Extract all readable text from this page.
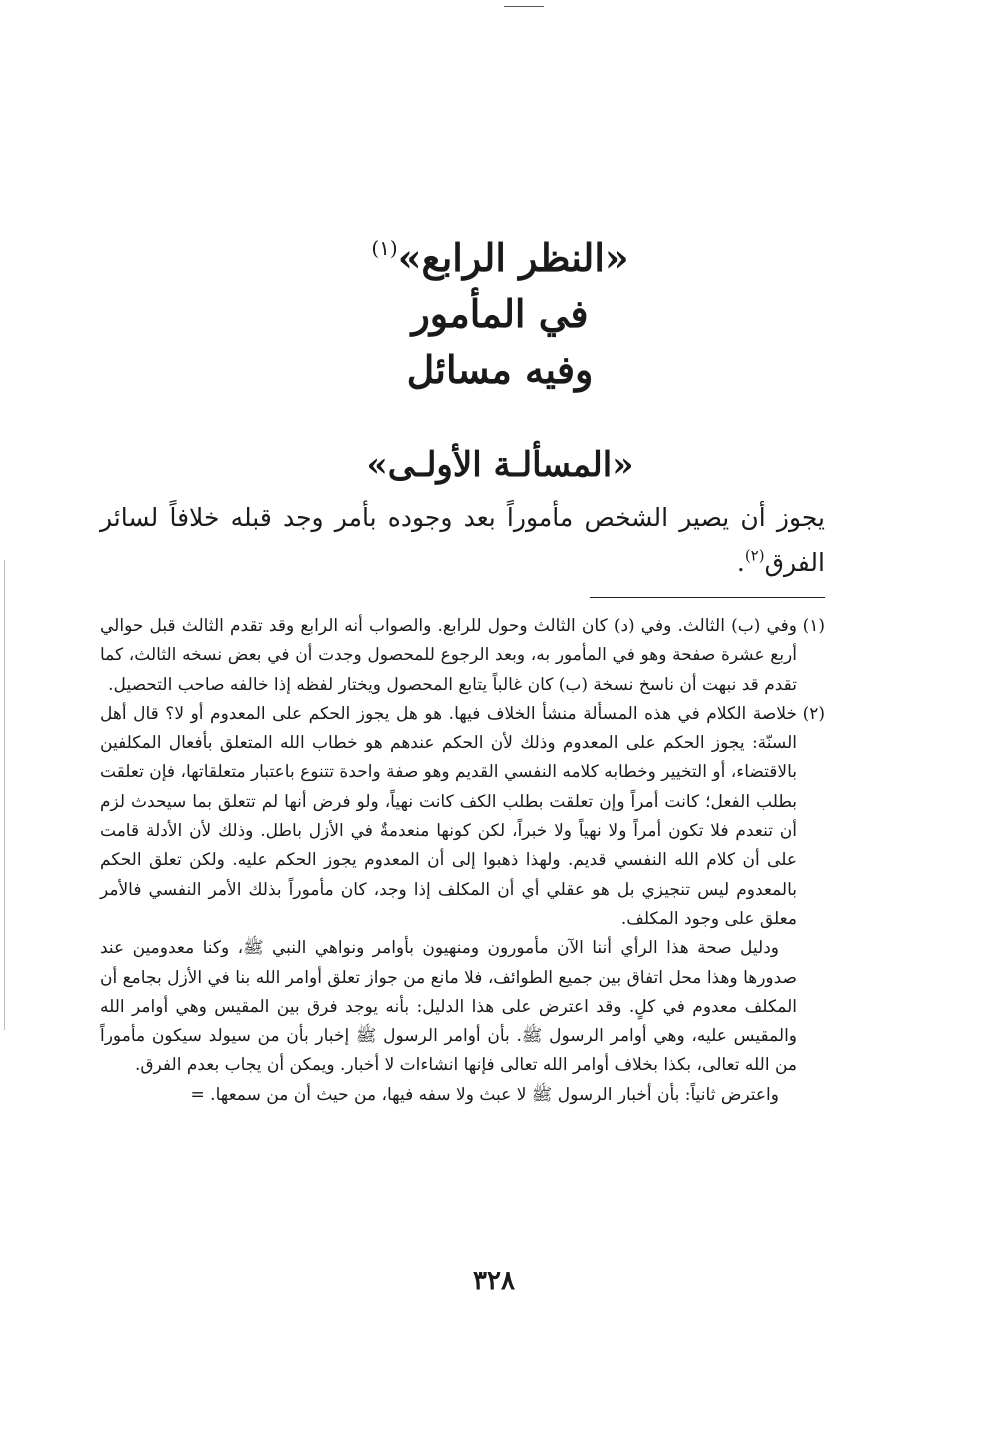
«النظر الرابع»$^{(١)}$
في المأمور
وفيه مسائل
«المسألـة الأولـى»
يجوز أن يصير الشخص مأموراً بعد وجوده بأمر وجد قبله خلافاً لسائر الفرق$^{(٢)}$.
(١)
وفي (ب) الثالث. وفي (د) كان الثالث وحول للرابع. والصواب أنه الرابع وقد تقدم الثالث قبل حوالي أربع عشرة صفحة وهو في المأمور به، وبعد الرجوع للمحصول وجدت أن في بعض نسخه الثالث، كما تقدم قد نبهت أن ناسخ نسخة (ب) كان غالباً يتابع المحصول ويختار لفظه إذا خالفه صاحب التحصيل.
(٢)
خلاصة الكلام في هذه المسألة منشأ الخلاف فيها. هو هل يجوز الحكم على المعدوم أو لا؟ قال أهل السنّة: يجوز الحكم على المعدوم وذلك لأن الحكم عندهم هو خطاب الله المتعلق بأفعال المكلفين بالاقتضاء، أو التخيير وخطابه كلامه النفسي القديم وهو صفة واحدة تتنوع باعتبار متعلقاتها، فإن تعلقت بطلب الفعل؛ كانت أمراً وإن تعلقت بطلب الكف كانت نهياً، ولو فرض أنها لم تتعلق بما سيحدث لزم أن تنعدم فلا تكون أمراً ولا نهياً ولا خبراً، لكن كونها منعدمةٌ في الأزل باطل. وذلك لأن الأدلة قامت على أن كلام الله النفسي قديم. ولهذا ذهبوا إلى أن المعدوم يجوز الحكم عليه. ولكن تعلق الحكم بالمعدوم ليس تنجيزي بل هو عقلي أي أن المكلف إذا وجد، كان مأموراً بذلك الأمر النفسي فالأمر معلق على وجود المكلف.
ودليل صحة هذا الرأي أننا الآن مأمورون ومنهيون بأوامر ونواهي النبي ﷺ، وكنا معدومين عند صدورها وهذا محل اتفاق بين جميع الطوائف، فلا مانع من جواز تعلق أوامر الله بنا في الأزل بجامع أن المكلف معدوم في كلٍ. وقد اعترض على هذا الدليل: بأنه يوجد فرق بين المقيس وهي أوامر الله والمقيس عليه، وهي أوامر الرسول ﷺ. بأن أوامر الرسول ﷺ إخبار بأن من سيولد سيكون مأموراً من الله تعالى، بكذا بخلاف أوامر الله تعالى فإنها انشاءات لا أخبار. ويمكن أن يجاب بعدم الفرق.
واعترض ثانياً: بأن أخبار الرسول ﷺ لا عبث ولا سفه فيها، من حيث أن من سمعها. =
٣٢٨
